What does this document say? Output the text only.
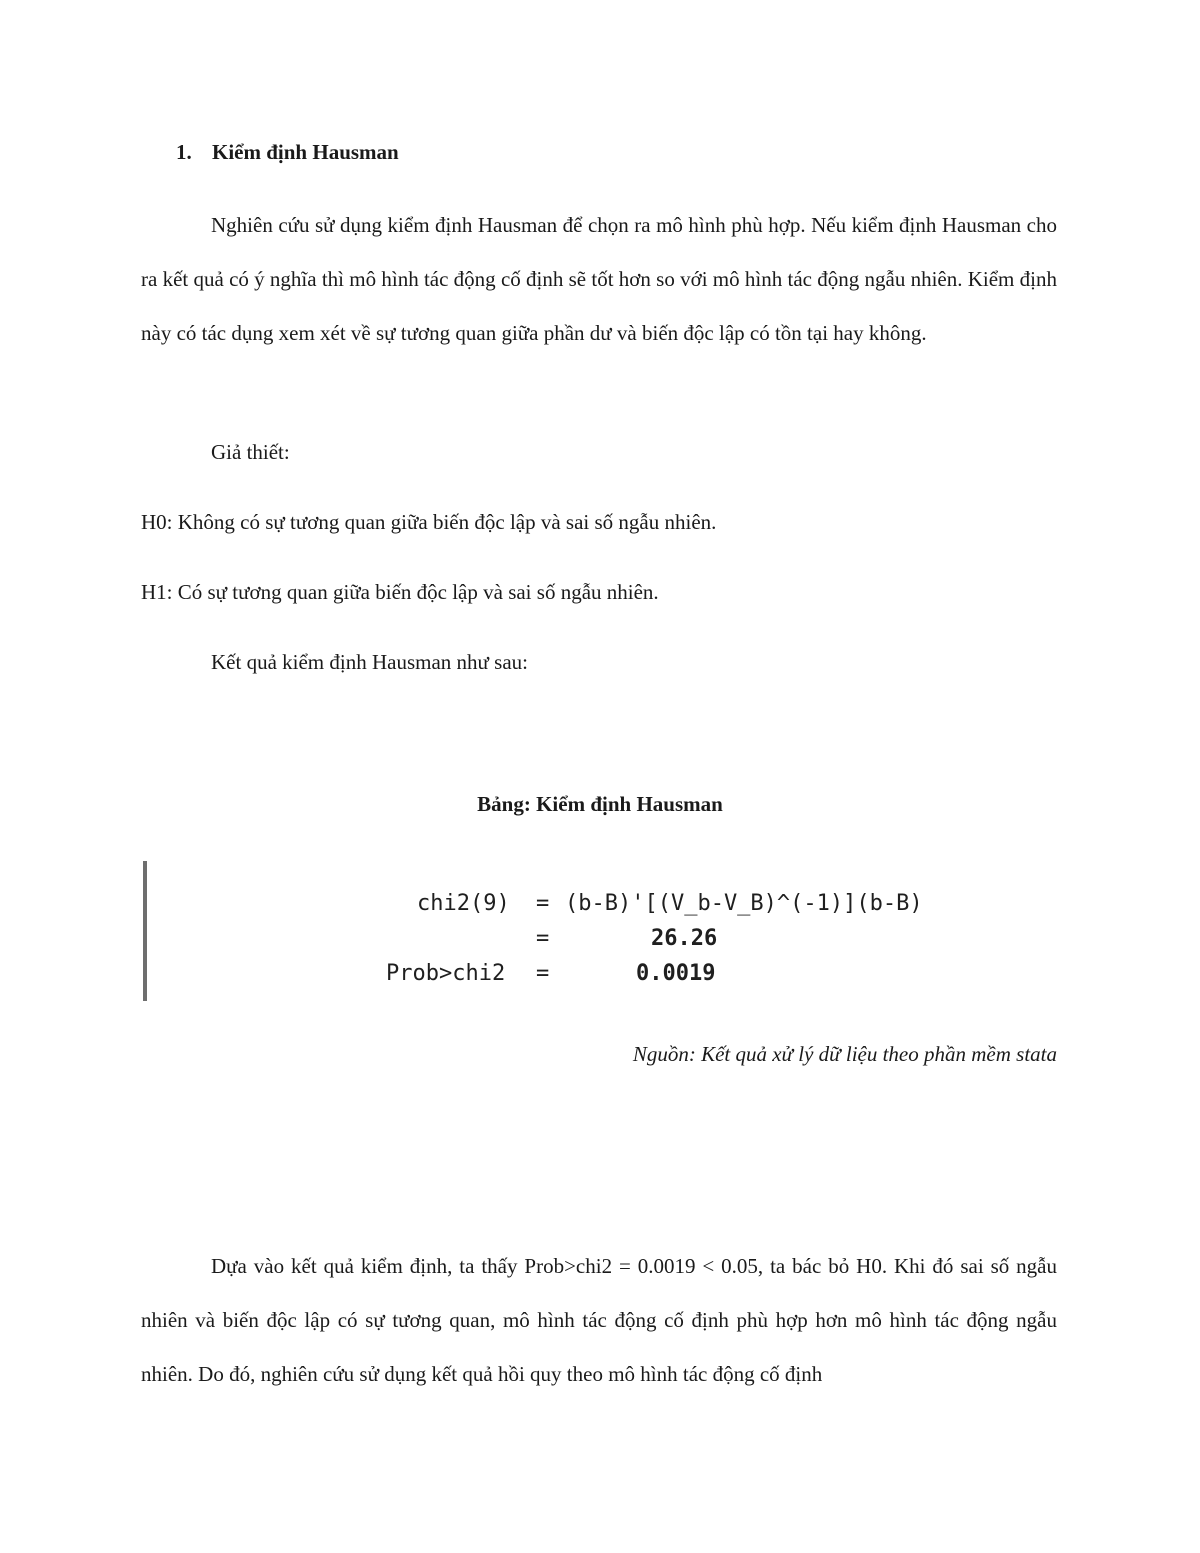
1. Kiểm định Hausman
Nghiên cứu sử dụng kiểm định Hausman để chọn ra mô hình phù hợp. Nếu kiểm định Hausman cho ra kết quả có ý nghĩa thì mô hình tác động cố định sẽ tốt hơn so với mô hình tác động ngẫu nhiên. Kiểm định này có tác dụng xem xét về sự tương quan giữa phần dư và biến độc lập có tồn tại hay không.
Giả thiết:
H0: Không có sự tương quan giữa biến độc lập và sai số ngẫu nhiên.
H1: Có sự tương quan giữa biến độc lập và sai số ngẫu nhiên.
Kết quả kiểm định Hausman như sau:
Bảng: Kiểm định Hausman
chi2(9) = (b-B)'[(V_b-V_B)^(-1)](b-B)
=	26.26
Prob>chi2 =	0.0019
Nguồn: Kết quả xử lý dữ liệu theo phần mềm stata
Dựa vào kết quả kiểm định, ta thấy Prob>chi2 = 0.0019 < 0.05, ta bác bỏ H0. Khi đó sai số ngẫu nhiên và biến độc lập có sự tương quan, mô hình tác động cố định phù hợp hơn mô hình tác động ngẫu nhiên. Do đó, nghiên cứu sử dụng kết quả hồi quy theo mô hình tác động cố định
